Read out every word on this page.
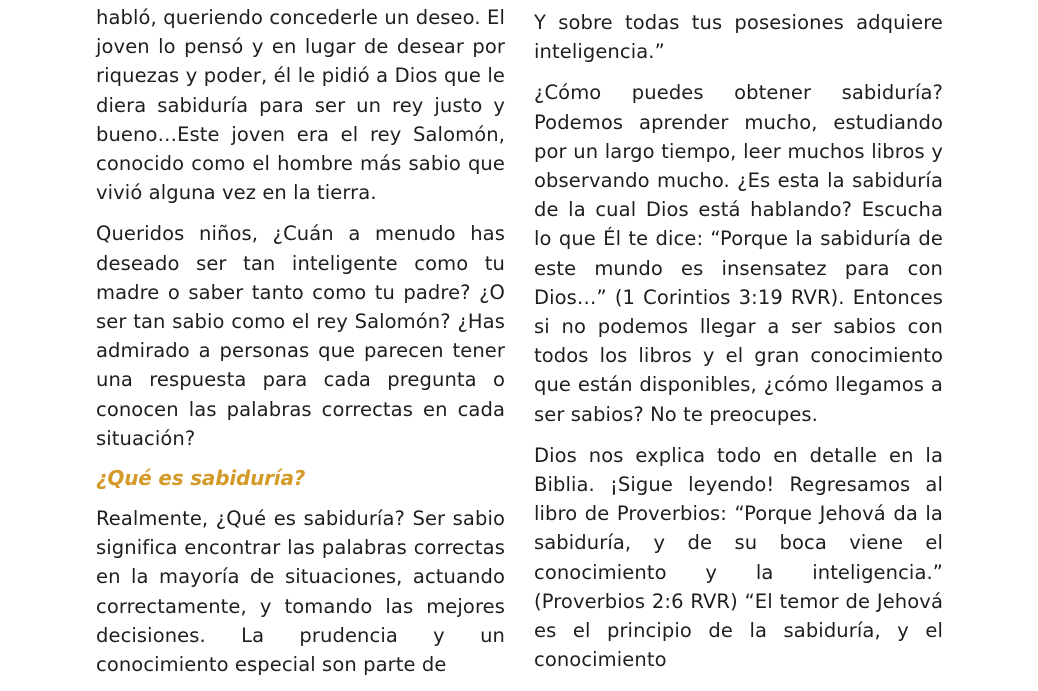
habló, queriendo concederle un deseo. El joven lo pensó y en lugar de desear por riquezas y poder, él le pidió a Dios que le diera sabiduría para ser un rey justo y bueno…Este joven era el rey Salomón, conocido como el hombre más sabio que vivió alguna vez en la tierra.

Queridos niños, ¿Cuán a menudo has deseado ser tan inteligente como tu madre o saber tanto como tu padre? ¿O ser tan sabio como el rey Salomón? ¿Has admirado a personas que parecen tener una respuesta para cada pregunta o conocen las palabras correctas en cada situación?

¿Qué es sabiduría?

Realmente, ¿Qué es sabiduría? Ser sabio significa encontrar las palabras correctas en la mayoría de situaciones, actuando correctamente, y tomando las mejores decisiones. La prudencia y un conocimiento especial son parte de

Y sobre todas tus posesiones adquiere inteligencia.”

¿Cómo puedes obtener sabiduría? Podemos aprender mucho, estudiando por un largo tiempo, leer muchos libros y observando mucho. ¿Es esta la sabiduría de la cual Dios está hablando? Escucha lo que Él te dice: “Porque la sabiduría de este mundo es insensatez para con Dios…” (1 Corintios 3:19 RVR). Entonces si no podemos llegar a ser sabios con todos los libros y el gran conocimiento que están disponibles, ¿cómo llegamos a ser sabios? No te preocupes.

Dios nos explica todo en detalle en la Biblia. ¡Sigue leyendo! Regresamos al libro de Proverbios: “Porque Jehová da la sabiduría, y de su boca viene el conocimiento y la inteligencia.” (Proverbios 2:6 RVR) “El temor de Jehová es el principio de la sabiduría, y el conocimiento
